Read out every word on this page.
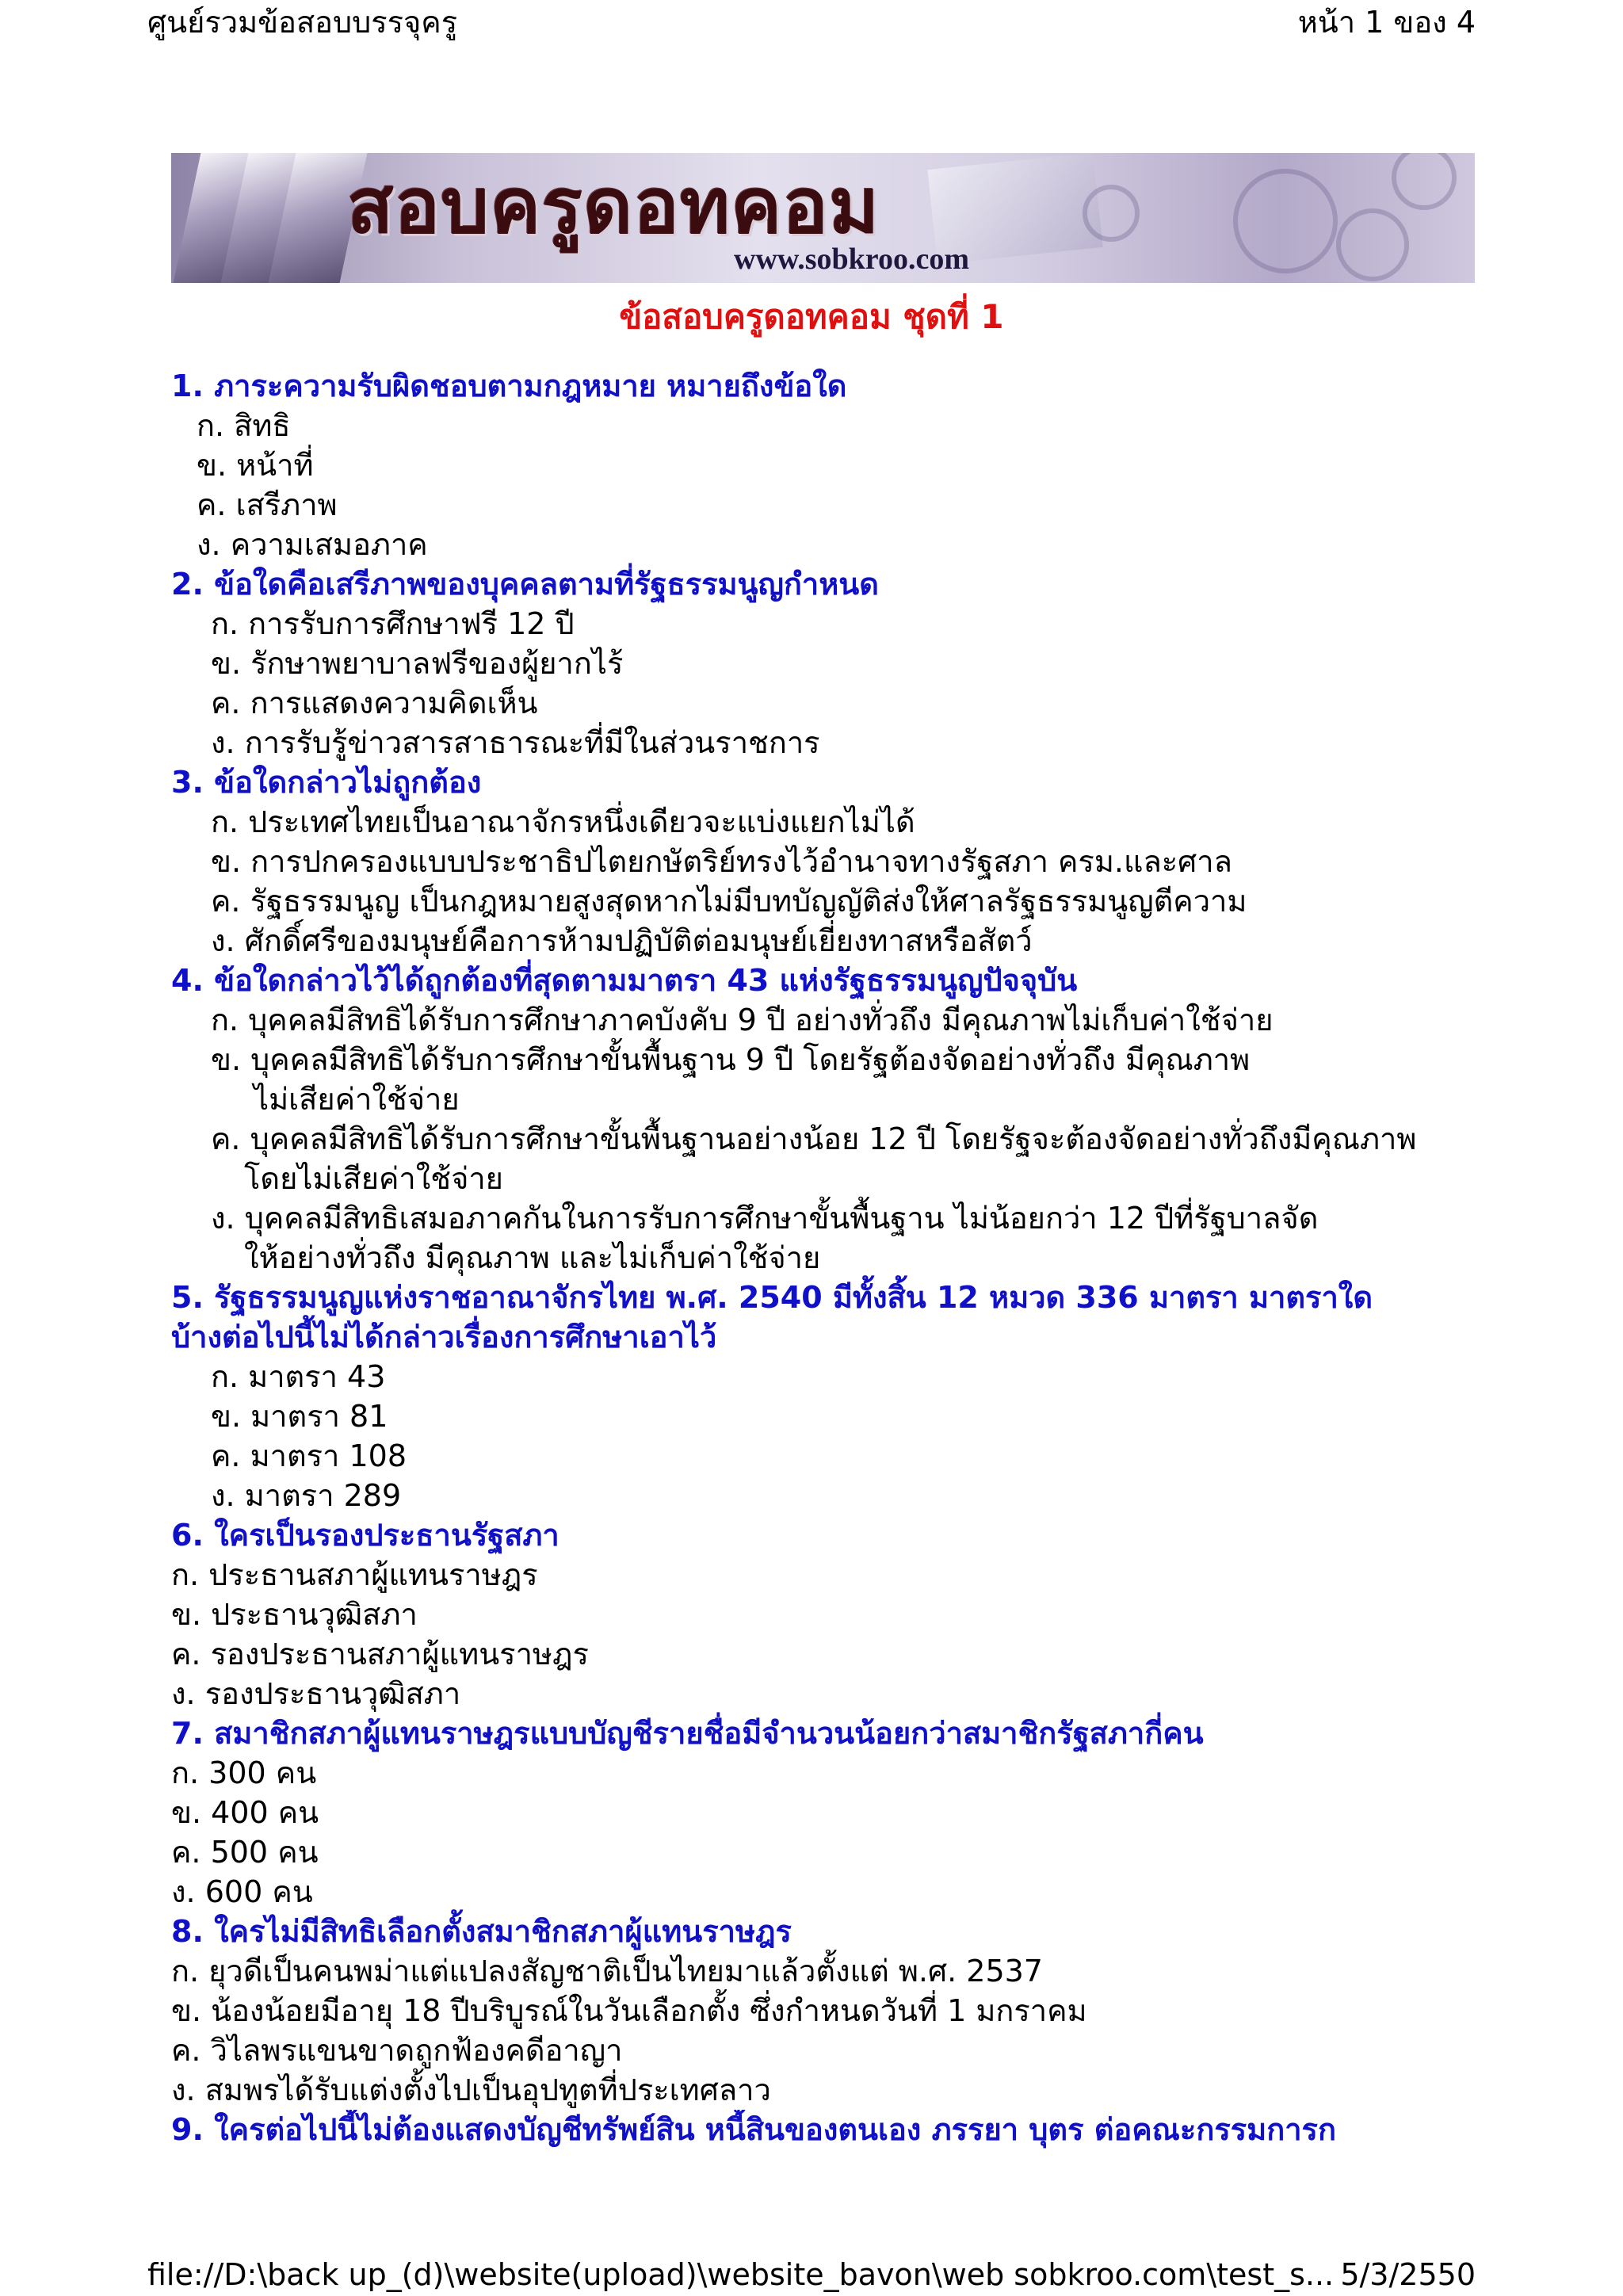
ศูนย์รวมข้อสอบบรรจุครู	หน้า 1 ของ 4
สอบครูดอทคอม
www.sobkroo.com
ข้อสอบครูดอทคอม ชุดที่ 1

1. ภาระความรับผิดชอบตามกฎหมาย หมายถึงข้อใด

ก. สิทธิ

ข. หน้าที่

ค. เสรีภาพ

ง. ความเสมอภาค

2. ข้อใดคือเสรีภาพของบุคคลตามที่รัฐธรรมนูญกำหนด

ก. การรับการศึกษาฟรี 12 ปี

ข. รักษาพยาบาลฟรีของผู้ยากไร้

ค. การแสดงความคิดเห็น

ง. การรับรู้ข่าวสารสาธารณะที่มีในส่วนราชการ

3. ข้อใดกล่าวไม่ถูกต้อง

ก. ประเทศไทยเป็นอาณาจักรหนึ่งเดียวจะแบ่งแยกไม่ได้

ข. การปกครองแบบประชาธิปไตยกษัตริย์ทรงไว้อำนาจทางรัฐสภา ครม.และศาล

ค. รัฐธรรมนูญ เป็นกฎหมายสูงสุดหากไม่มีบทบัญญัติส่งให้ศาลรัฐธรรมนูญตีความ

ง. ศักดิ์ศรีของมนุษย์คือการห้ามปฏิบัติต่อมนุษย์เยี่ยงทาสหรือสัตว์

4. ข้อใดกล่าวไว้ได้ถูกต้องที่สุดตามมาตรา 43 แห่งรัฐธรรมนูญปัจจุบัน

ก. บุคคลมีสิทธิได้รับการศึกษาภาคบังคับ 9 ปี อย่างทั่วถึง มีคุณภาพไม่เก็บค่าใช้จ่าย

ข. บุคคลมีสิทธิได้รับการศึกษาขั้นพื้นฐาน 9 ปี โดยรัฐต้องจัดอย่างทั่วถึง มีคุณภาพ

ไม่เสียค่าใช้จ่าย

ค. บุคคลมีสิทธิได้รับการศึกษาขั้นพื้นฐานอย่างน้อย 12 ปี โดยรัฐจะต้องจัดอย่างทั่วถึงมีคุณภาพ

โดยไม่เสียค่าใช้จ่าย

ง. บุคคลมีสิทธิเสมอภาคกันในการรับการศึกษาขั้นพื้นฐาน ไม่น้อยกว่า 12 ปีที่รัฐบาลจัด

ให้อย่างทั่วถึง มีคุณภาพ และไม่เก็บค่าใช้จ่าย

5. รัฐธรรมนูญแห่งราชอาณาจักรไทย พ.ศ. 2540 มีทั้งสิ้น 12 หมวด 336 มาตรา มาตราใด

บ้างต่อไปนี้ไม่ได้กล่าวเรื่องการศึกษาเอาไว้

ก. มาตรา 43

ข. มาตรา 81

ค. มาตรา 108

ง. มาตรา 289

6. ใครเป็นรองประธานรัฐสภา

ก. ประธานสภาผู้แทนราษฎร

ข. ประธานวุฒิสภา

ค. รองประธานสภาผู้แทนราษฎร

ง. รองประธานวุฒิสภา

7. สมาชิกสภาผู้แทนราษฎรแบบบัญชีรายชื่อมีจำนวนน้อยกว่าสมาชิกรัฐสภากี่คน

ก. 300 คน

ข. 400 คน

ค. 500 คน

ง. 600 คน

8. ใครไม่มีสิทธิเลือกตั้งสมาชิกสภาผู้แทนราษฎร

ก. ยุวดีเป็นคนพม่าแต่แปลงสัญชาติเป็นไทยมาแล้วตั้งแต่ พ.ศ. 2537

ข. น้องน้อยมีอายุ 18 ปีบริบูรณ์ในวันเลือกตั้ง ซึ่งกำหนดวันที่ 1 มกราคม

ค. วิไลพรแขนขาดถูกฟ้องคดีอาญา

ง. สมพรได้รับแต่งตั้งไปเป็นอุปทูตที่ประเทศลาว

9. ใครต่อไปนี้ไม่ต้องแสดงบัญชีทรัพย์สิน หนี้สินของตนเอง ภรรยา บุตร ต่อคณะกรรมการก

file://D:\back up_(d)\website(upload)\website_bavon\web sobkroo.com\test_s... 5/3/2550
